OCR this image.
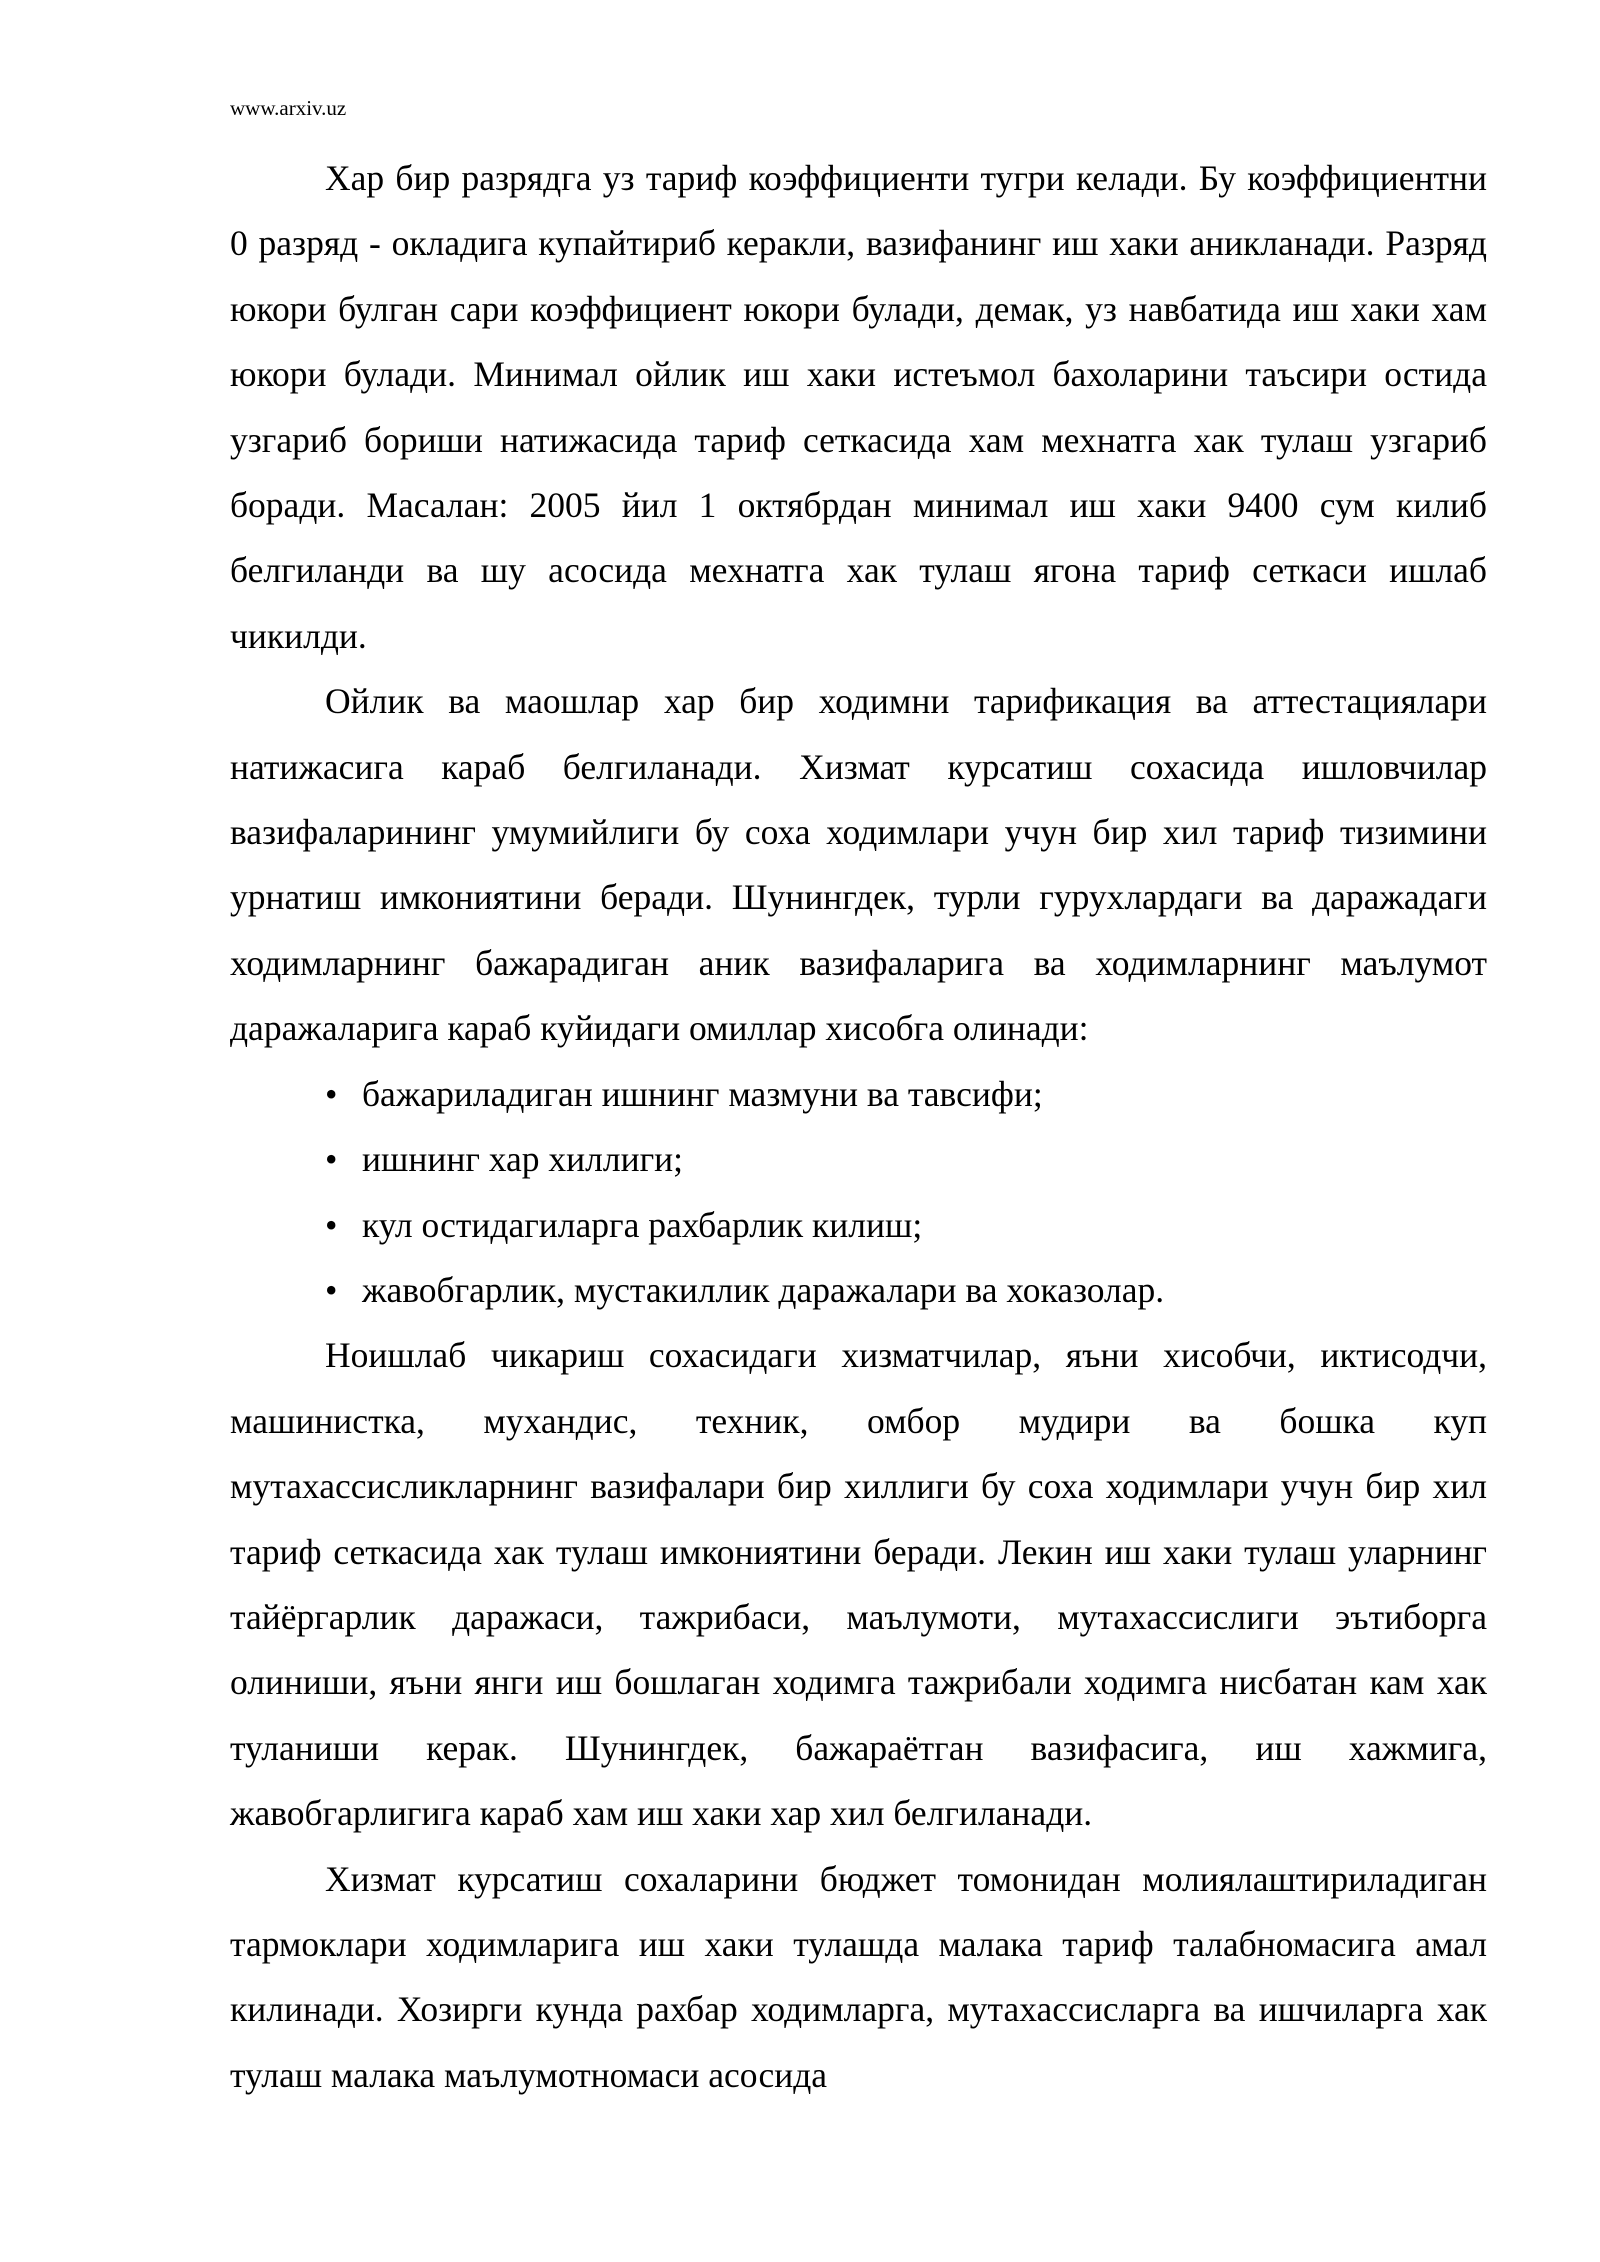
www.arxiv.uz

Хар бир разрядга уз тариф коэффициенти тугри келади. Бу коэффициентни 0 разряд - окладига купайтириб керакли, вазифанинг иш хаки аникланади. Разряд юкори булган сари коэффициент юкори булади, демак, уз навбатида иш хаки хам юкори булади. Минимал ойлик иш хаки истеъмол бахоларини таъсири остида узгариб бориши натижасида тариф сеткасида хам мехнатга хак тулаш узгариб боради. Масалан: 2005 йил 1 октябрдан минимал иш хаки 9400 сум килиб белгиланди ва шу асосида мехнатга хак тулаш ягона тариф сеткаси ишлаб чикилди.

Ойлик ва маошлар хар бир ходимни тарификация ва аттестациялари натижасига караб белгиланади. Хизмат курсатиш сохасида ишловчилар вазифаларининг умумийлиги бу соха ходимлари учун бир хил тариф тизимини урнатиш имкониятини беради. Шунингдек, турли гурухлардаги ва даражадаги ходимларнинг бажарадиган аник вазифаларига ва ходимларнинг маълумот даражаларига караб куйидаги омиллар хисобга олинади:

• бажариладиган ишнинг мазмуни ва тавсифи;
• ишнинг хар хиллиги;
• кул остидагиларга рахбарлик килиш;
• жавобгарлик, мустакиллик даражалари ва хоказолар.

Ноишлаб чикариш сохасидаги хизматчилар, яъни хисобчи, иктисодчи, машинистка, мухандис, техник, омбор мудири ва бошка куп мутахассисликларнинг вазифалари бир хиллиги бу соха ходимлари учун бир хил тариф сеткасида хак тулаш имкониятини беради. Лекин иш хаки тулаш уларнинг тайёргарлик даражаси, тажрибаси, маълумоти, мутахассислиги эътиборга олиниши, яъни янги иш бошлаган ходимга тажрибали ходимга нисбатан кам хак туланиши керак. Шунингдек, бажараётган вазифасига, иш хажмига, жавобгарлигига караб хам иш хаки хар хил белгиланади.

Хизмат курсатиш сохаларини бюджет томонидан молиялаштириладиган тармоклари ходимларига иш хаки тулашда малака тариф талабномасига амал килинади. Хозирги кунда рахбар ходимларга, мутахассисларга ва ишчиларга хак тулаш малака маълумотномаси асосида
